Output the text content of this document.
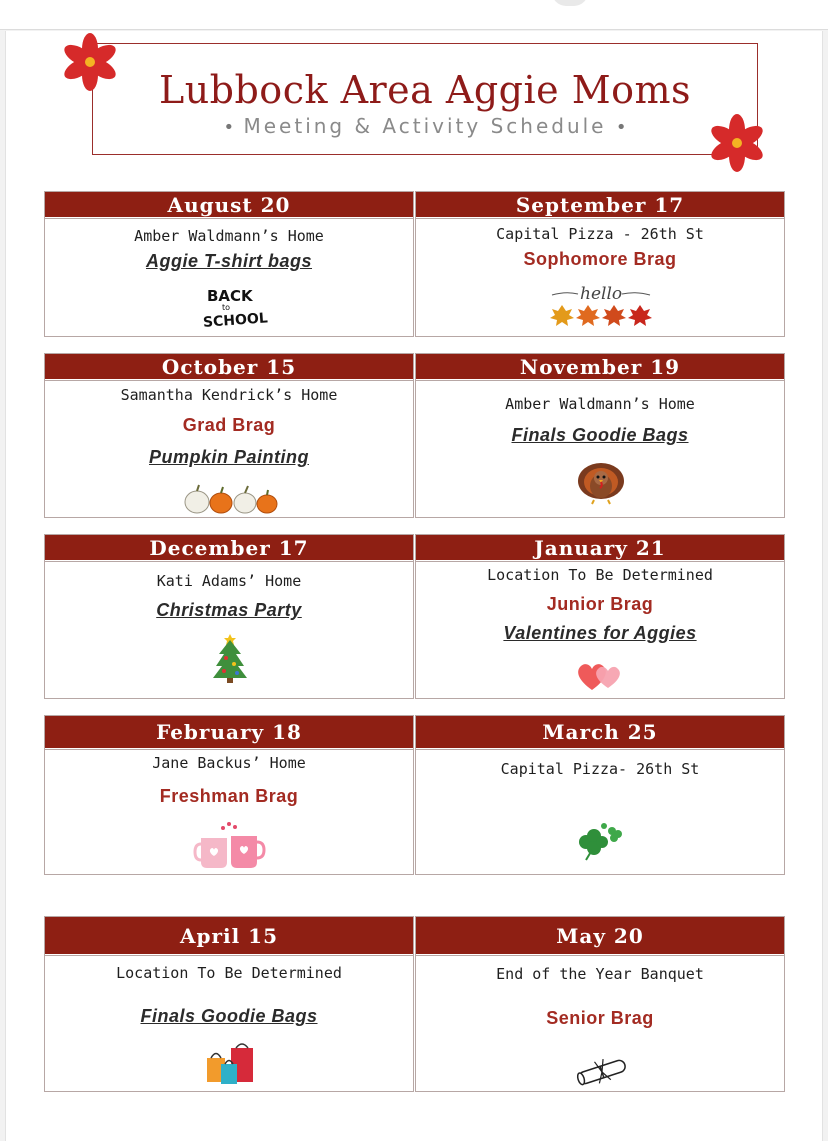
Lubbock Area Aggie Moms
• Meeting & Activity Schedule •
August 20
Amber Waldmann’s Home
Aggie T-shirt bags
BACK
to
SCHOOL
September 17
Capital Pizza - 26th St
Sophomore Brag
hello
October 15
Samantha Kendrick’s Home
Grad Brag
Pumpkin Painting
November 19
Amber Waldmann’s Home
Finals Goodie Bags
December 17
Kati Adams’ Home
Christmas Party
January 21
Location To Be Determined
Junior Brag
Valentines for Aggies
February 18
Jane Backus’ Home
Freshman Brag
March 25
Capital Pizza- 26th St
April 15
Location To Be Determined
Finals Goodie Bags
May 20
End of the Year Banquet
Senior Brag
